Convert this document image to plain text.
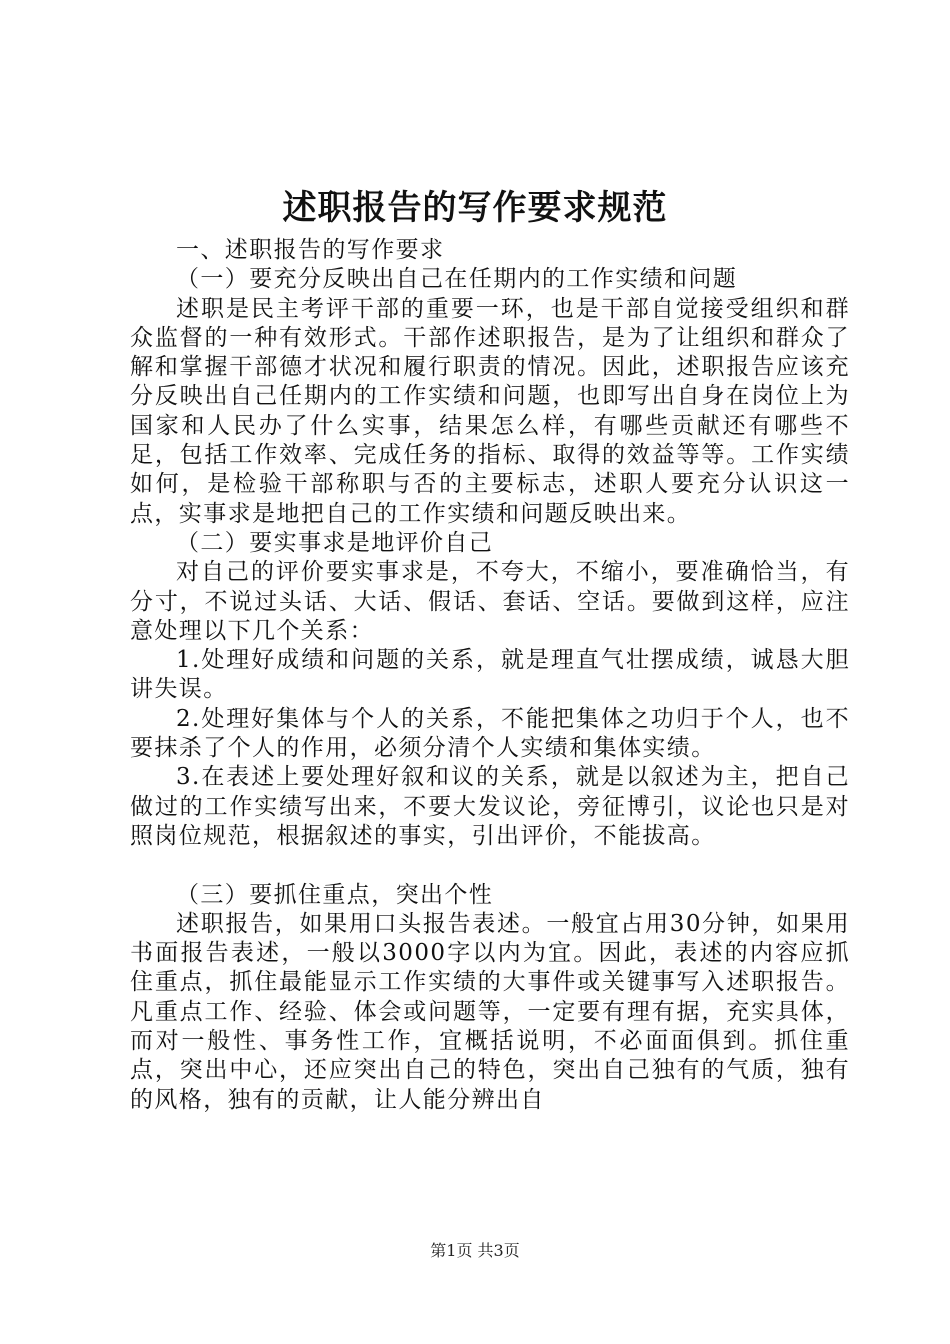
述职报告的写作要求规范

一、述职报告的写作要求

（一）要充分反映出自己在任期内的工作实绩和问题

述职是民主考评干部的重要一环，也是干部自觉接受组织和群众监督的一种有效形式。干部作述职报告，是为了让组织和群众了解和掌握干部德才状况和履行职责的情况。因此，述职报告应该充分反映出自己任期内的工作实绩和问题，也即写出自身在岗位上为国家和人民办了什么实事，结果怎么样，有哪些贡献还有哪些不足，包括工作效率、完成任务的指标、取得的效益等等。工作实绩如何，是检验干部称职与否的主要标志，述职人要充分认识这一点，实事求是地把自己的工作实绩和问题反映出来。

（二）要实事求是地评价自己

对自己的评价要实事求是，不夸大，不缩小，要准确恰当，有分寸，不说过头话、大话、假话、套话、空话。要做到这样，应注意处理以下几个关系：

1.处理好成绩和问题的关系，就是理直气壮摆成绩，诚恳大胆讲失误。

2.处理好集体与个人的关系，不能把集体之功归于个人，也不要抹杀了个人的作用，必须分清个人实绩和集体实绩。

3.在表述上要处理好叙和议的关系，就是以叙述为主，把自己做过的工作实绩写出来，不要大发议论，旁征博引，议论也只是对照岗位规范，根据叙述的事实，引出评价，不能拔高。

（三）要抓住重点，突出个性

述职报告，如果用口头报告表述。一般宜占用30分钟，如果用书面报告表述，一般以3000字以内为宜。因此，表述的内容应抓住重点，抓住最能显示工作实绩的大事件或关键事写入述职报告。凡重点工作、经验、体会或问题等，一定要有理有据，充实具体，而对一般性、事务性工作，宜概括说明，不必面面俱到。抓住重点，突出中心，还应突出自己的特色，突出自己独有的气质，独有的风格，独有的贡献，让人能分辨出自

第1页 共3页
